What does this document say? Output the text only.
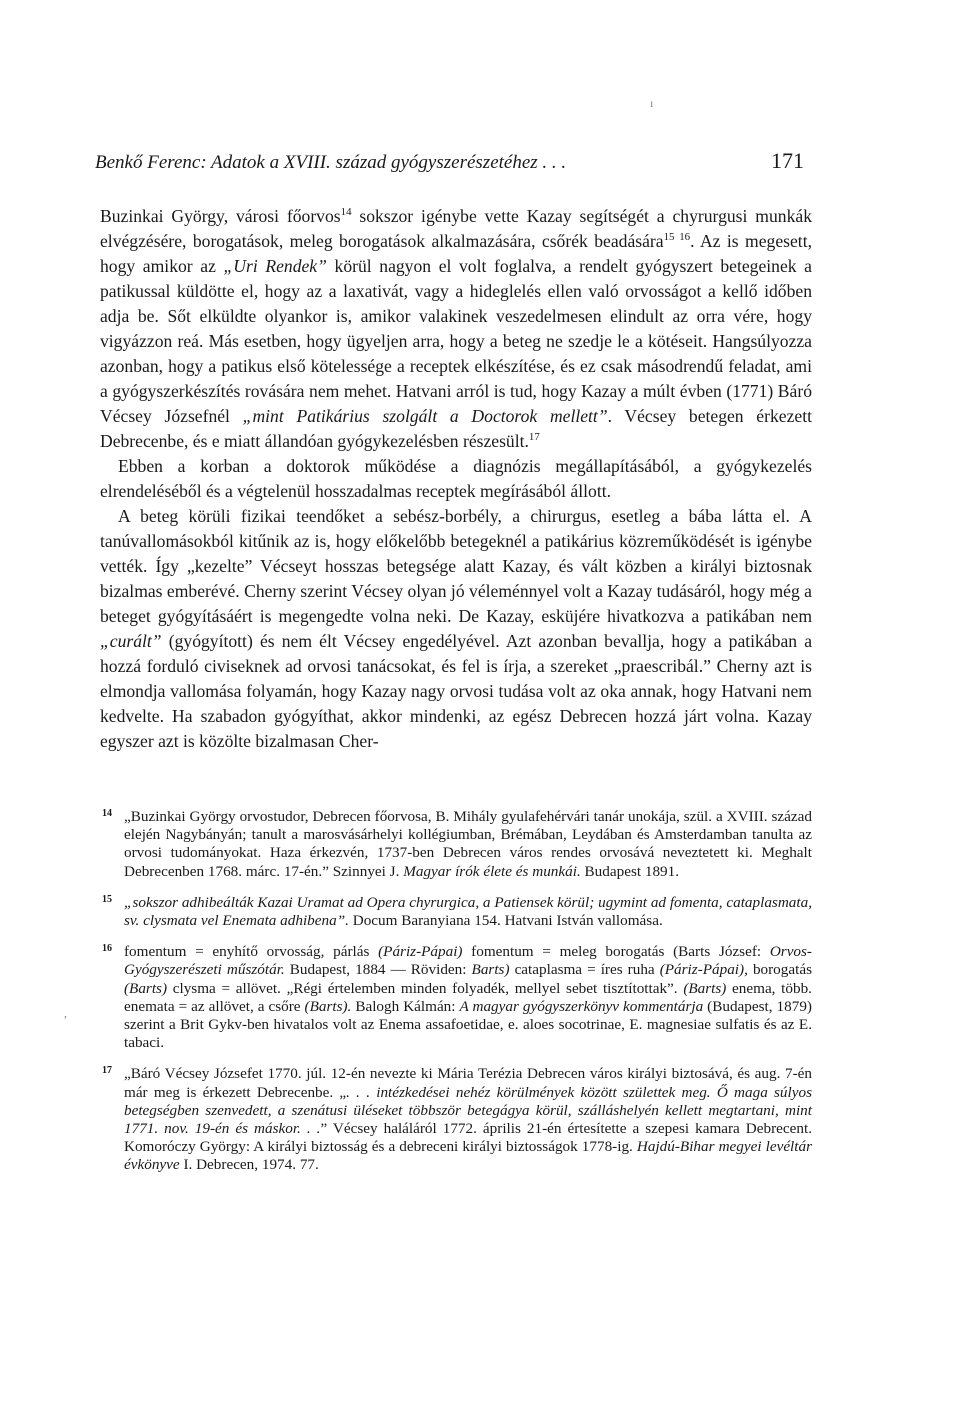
Benkő Ferenc: Adatok a XVIII. század gyógyszerészetéhez . . .	171

Buzinkai György, városi főorvos$^{14}$ sokszor igénybe vette Kazay segítségét a chyrurgusi munkák elvégzésére, borogatások, meleg borogatások alkalmazására, csőrék beadására$^{15 16}$. Az is megesett, hogy amikor az „Uri Rendek” körül nagyon el volt foglalva, a rendelt gyógyszert betegeinek a patikussal küldötte el, hogy az a laxativát, vagy a hideglelés ellen való orvosságot a kellő időben adja be. Sőt elküldte olyankor is, amikor valakinek veszedelmesen elindult az orra vére, hogy vigyázzon reá. Más esetben, hogy ügyeljen arra, hogy a beteg ne szedje le a kötéseit. Hangsúlyozza azonban, hogy a patikus első kötelessége a receptek elkészítése, és ez csak másodrendű feladat, ami a gyógyszerkészítés rovására nem mehet. Hatvani arról is tud, hogy Kazay a múlt évben (1771) Báró Vécsey Józsefnél „mint Patikárius szolgált a Doctorok mellett”. Vécsey betegen érkezett Debrecenbe, és e miatt állandóan gyógykezelésben részesült.$^{17}$

Ebben a korban a doktorok működése a diagnózis megállapításából, a gyógykezelés elrendeléséből és a végtelenül hosszadalmas receptek megírásából állott.

A beteg körüli fizikai teendőket a sebész-borbély, a chirurgus, esetleg a bába látta el. A tanúvallomásokból kitűnik az is, hogy előkelőbb betegeknél a patikárius közreműködését is igénybe vették. Így „kezelte” Vécseyt hosszas betegsége alatt Kazay, és vált közben a királyi biztosnak bizalmas emberévé. Cherny szerint Vécsey olyan jó véleménnyel volt a Kazay tudásáról, hogy még a beteget gyógyításáért is megengedte volna neki. De Kazay, esküjére hivatkozva a patikában nem „curált” (gyógyított) és nem élt Vécsey engedélyével. Azt azonban bevallja, hogy a patikában a hozzá forduló civiseknek ad orvosi tanácsokat, és fel is írja, a szereket „praescribál.” Cherny azt is elmondja vallomása folyamán, hogy Kazay nagy orvosi tudása volt az oka annak, hogy Hatvani nem kedvelte. Ha szabadon gyógyíthat, akkor mindenki, az egész Debrecen hozzá járt volna. Kazay egyszer azt is közölte bizalmasan Cher-

14 „Buzinkai György orvostudor, Debrecen főorvosa, B. Mihály gyulafehérvári tanár unokája, szül. a XVIII. század elején Nagybányán; tanult a marosvásárhelyi kollégiumban, Brémában, Leydában és Amsterdamban tanulta az orvosi tudományokat. Haza érkezvén, 1737-ben Debrecen város rendes orvosává neveztetett ki. Meghalt Debrecenben 1768. márc. 17-én.” Szinnyei J. Magyar írók élete és munkái. Budapest 1891.
15 „sokszor adhibeálták Kazai Uramat ad Opera chyrurgica, a Patiensek körül; ugymint ad fomenta, cataplasmata, sv. clysmata vel Enemata adhibena”. Docum Baranyiana 154. Hatvani István vallomása.
16 fomentum = enyhítő orvosság, párlás (Páriz-Pápai) fomentum = meleg borogatás (Barts József: Orvos-Gyógyszerészeti műszótár. Budapest, 1884 — Röviden: Barts) cataplasma = íres ruha (Páriz-Pápai), borogatás (Barts) clysma = allövet. „Régi értelemben minden folyadék, mellyel sebet tisztítottak”. (Barts) enema, több. enemata = az allövet, a csőre (Barts). Balogh Kálmán: A magyar gyógyszerkönyv kommentárja (Budapest, 1879) szerint a Brit Gykv-ben hivatalos volt az Enema assafoetidae, e. aloes socotrinae, E. magnesiae sulfatis és az E. tabaci.
17 „Báró Vécsey Józsefet 1770. júl. 12-én nevezte ki Mária Terézia Debrecen város királyi biztosává, és aug. 7-én már meg is érkezett Debrecenbe. „. . . intézkedései nehéz körülmények között születtek meg. Ő maga súlyos betegségben szenvedett, a szenátusi üléseket többször betegágya körül, szálláshelyén kellett megtartani, mint 1771. nov. 19-én és máskor. . .” Vécsey haláláról 1772. április 21-én értesítette a szepesi kamara Debrecent. Komoróczy György: A királyi biztosság és a debreceni királyi biztosságok 1778-ig. Hajdú-Bihar megyei levéltár évkönyve I. Debrecen, 1974. 77.
ı
,
